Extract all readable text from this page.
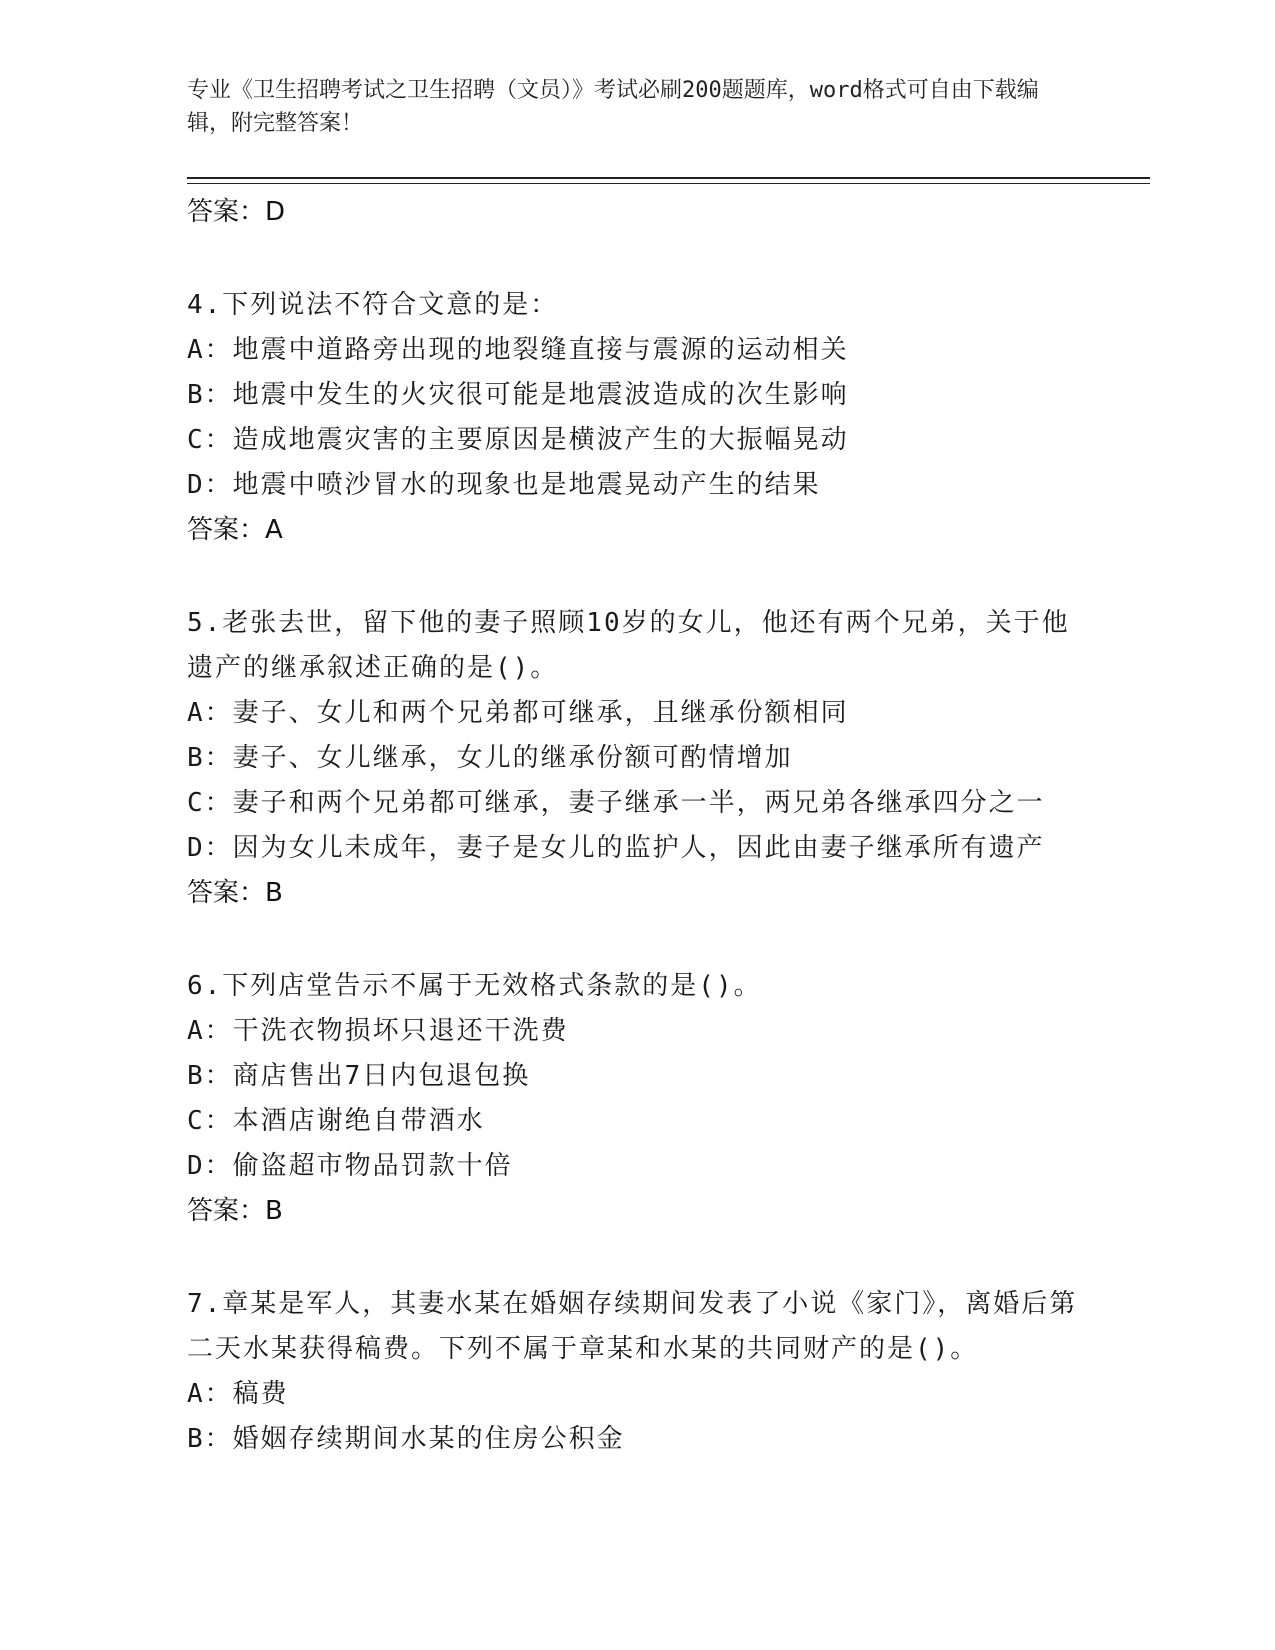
专业《卫生招聘考试之卫生招聘（文员）》考试必刷200题题库，word格式可自由下载编辑，附完整答案！

答案：D

4.下列说法不符合文意的是：

A：地震中道路旁出现的地裂缝直接与震源的运动相关

B：地震中发生的火灾很可能是地震波造成的次生影响

C：造成地震灾害的主要原因是横波产生的大振幅晃动

D：地震中喷沙冒水的现象也是地震晃动产生的结果

答案：A

5.老张去世，留下他的妻子照顾10岁的女儿，他还有两个兄弟，关于他遗产的继承叙述正确的是()。

A：妻子、女儿和两个兄弟都可继承，且继承份额相同

B：妻子、女儿继承，女儿的继承份额可酌情增加

C：妻子和两个兄弟都可继承，妻子继承一半，两兄弟各继承四分之一

D：因为女儿未成年，妻子是女儿的监护人，因此由妻子继承所有遗产

答案：B

6.下列店堂告示不属于无效格式条款的是()。

A：干洗衣物损坏只退还干洗费

B：商店售出7日内包退包换

C：本酒店谢绝自带酒水

D：偷盗超市物品罚款十倍

答案：B

7.章某是军人，其妻水某在婚姻存续期间发表了小说《家门》，离婚后第二天水某获得稿费。下列不属于章某和水某的共同财产的是()。

A：稿费

B：婚姻存续期间水某的住房公积金
